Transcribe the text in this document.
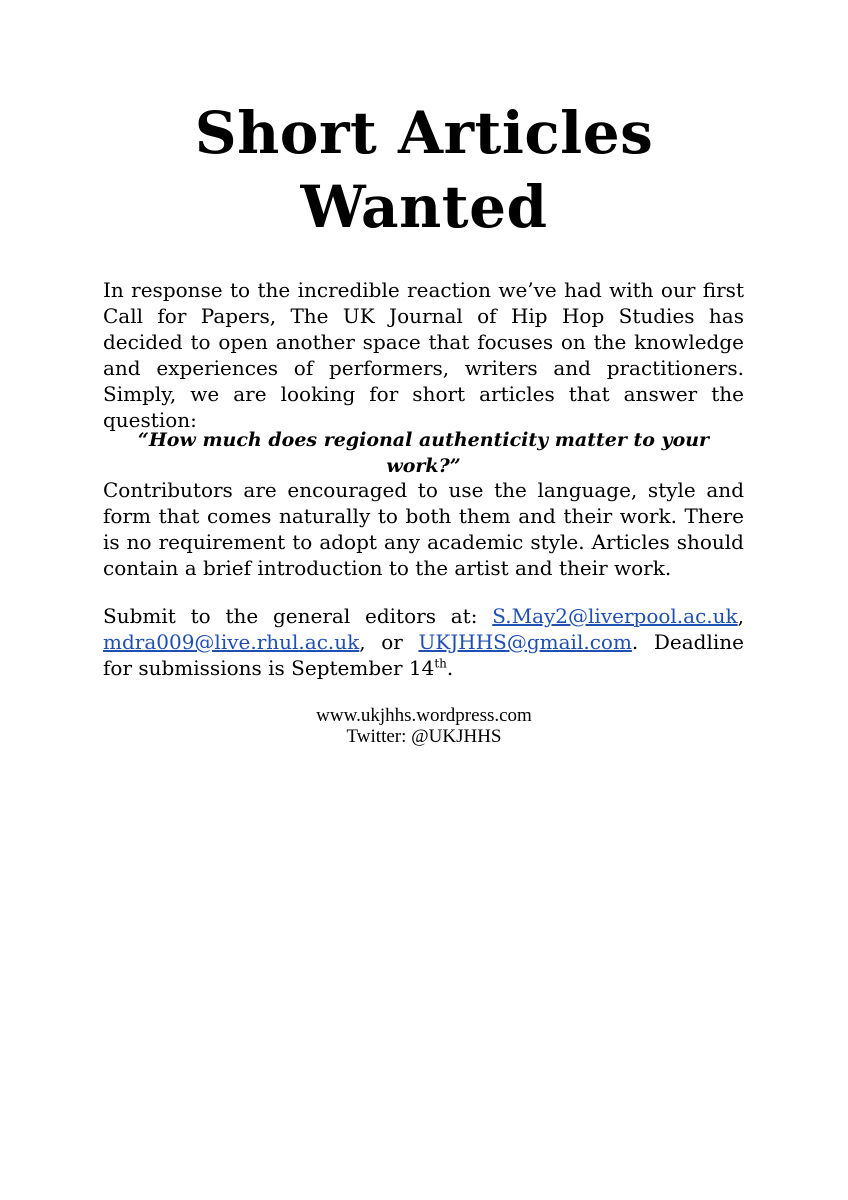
Short Articles
Wanted

In response to the incredible reaction we’ve had with our first Call for Papers, The UK Journal of Hip Hop Studies has decided to open another space that focuses on the knowledge and experiences of performers, writers and practitioners. Simply, we are looking for short articles that answer the question:

“How much does regional authenticity matter to your work?”

Contributors are encouraged to use the language, style and form that comes naturally to both them and their work. There is no requirement to adopt any academic style. Articles should contain a brief introduction to the artist and their work.

Submit to the general editors at: S.May2@liverpool.ac.uk, mdra009@live.rhul.ac.uk, or UKJHHS@gmail.com. Deadline for submissions is September 14th.

www.ukjhhs.wordpress.com
Twitter: @UKJHHS
